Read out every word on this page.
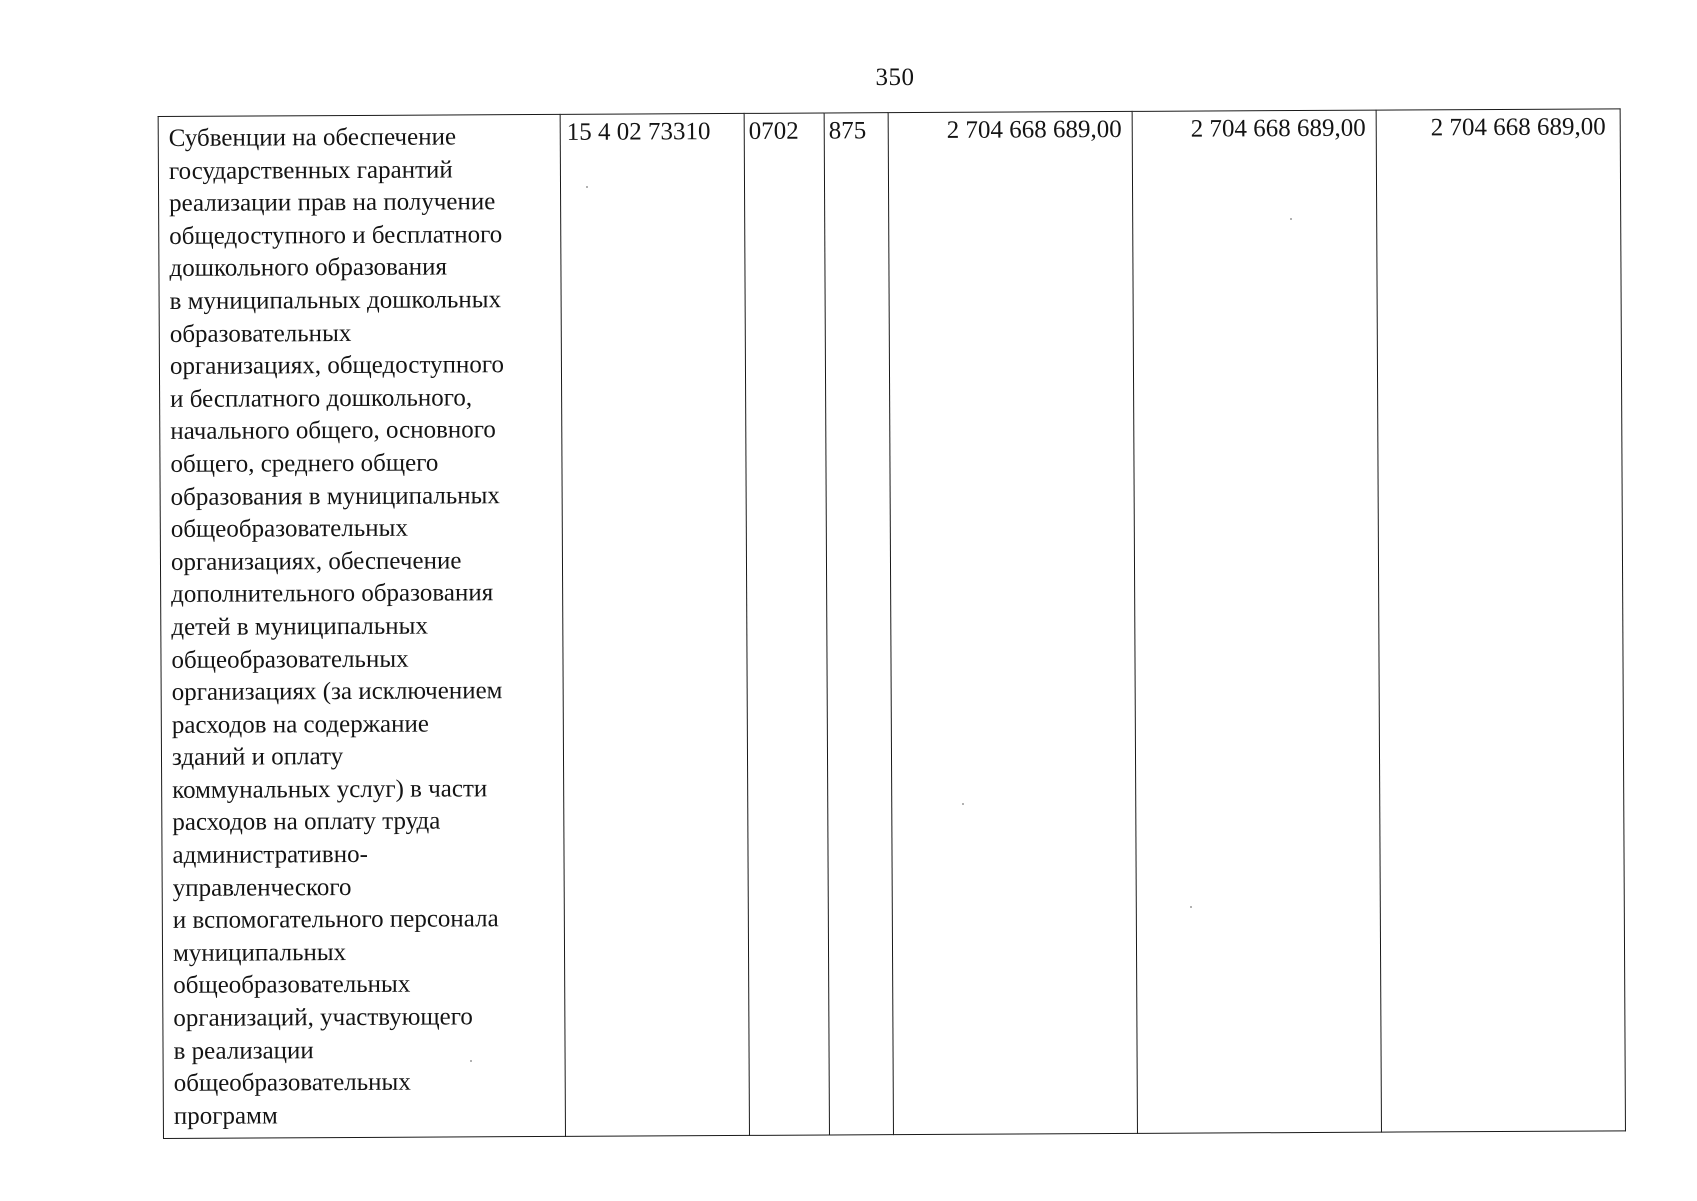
350
Субвенции на обеспечение
государственных гарантий
реализации прав на получение
общедоступного и бесплатного
дошкольного образования
в муниципальных дошкольных
образовательных
организациях, общедоступного
и бесплатного дошкольного,
начального общего, основного
общего, среднего общего
образования в муниципальных
общеобразовательных
организациях, обеспечение
дополнительного образования
детей в муниципальных
общеобразовательных
организациях (за исключением
расходов на содержание
зданий и оплату
коммунальных услуг) в части
расходов на оплату труда
административно-
управленческого
и вспомогательного персонала
муниципальных
общеобразовательных
организаций, участвующего
в реализации
общеобразовательных
программ
	15 4 02 73310	0702	875	2 704 668 689,00	2 704 668 689,00	2 704 668 689,00
